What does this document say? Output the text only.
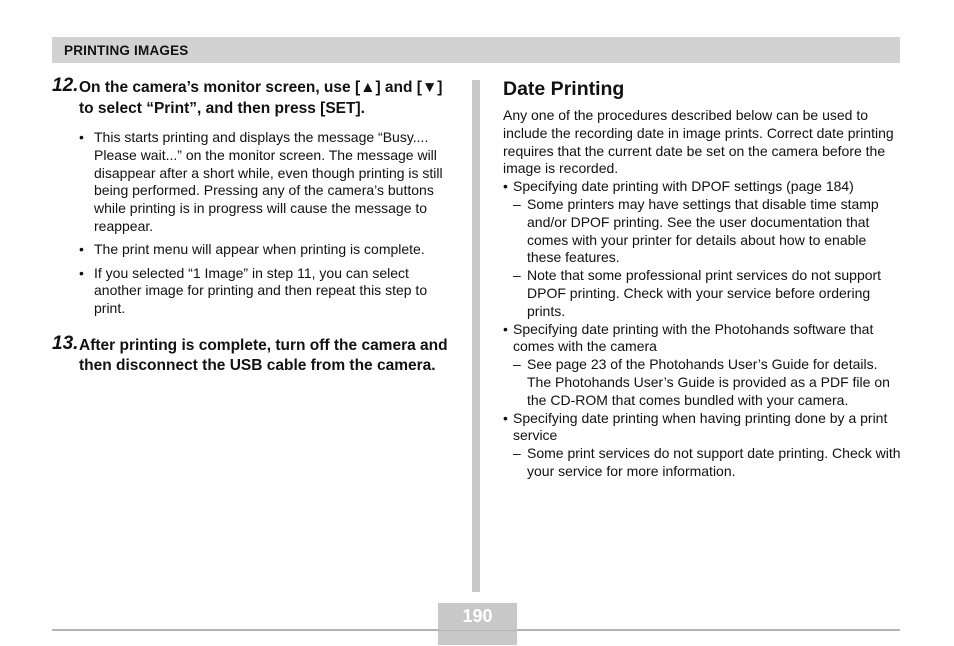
PRINTING IMAGES
12. On the camera’s monitor screen, use [▲] and [▼] to select “Print”, and then press [SET].
• This starts printing and displays the message “Busy.... Please wait...” on the monitor screen. The message will disappear after a short while, even though printing is still being performed. Pressing any of the camera’s buttons while printing is in progress will cause the message to reappear.
• The print menu will appear when printing is complete.
• If you selected “1 Image” in step 11, you can select another image for printing and then repeat this step to print.
13. After printing is complete, turn off the camera and then disconnect the USB cable from the camera.
Date Printing

Any one of the procedures described below can be used to include the recording date in image prints. Correct date printing requires that the current date be set on the camera before the image is recorded.

• Specifying date printing with DPOF settings (page 184)
– Some printers may have settings that disable time stamp and/or DPOF printing. See the user documentation that comes with your printer for details about how to enable these features.
– Note that some professional print services do not support DPOF printing. Check with your service before ordering prints.
• Specifying date printing with the Photohands software that comes with the camera
– See page 23 of the Photohands User’s Guide for details. The Photohands User’s Guide is provided as a PDF file on the CD-ROM that comes bundled with your camera.
• Specifying date printing when having printing done by a print service
– Some print services do not support date printing. Check with your service for more information.
190
